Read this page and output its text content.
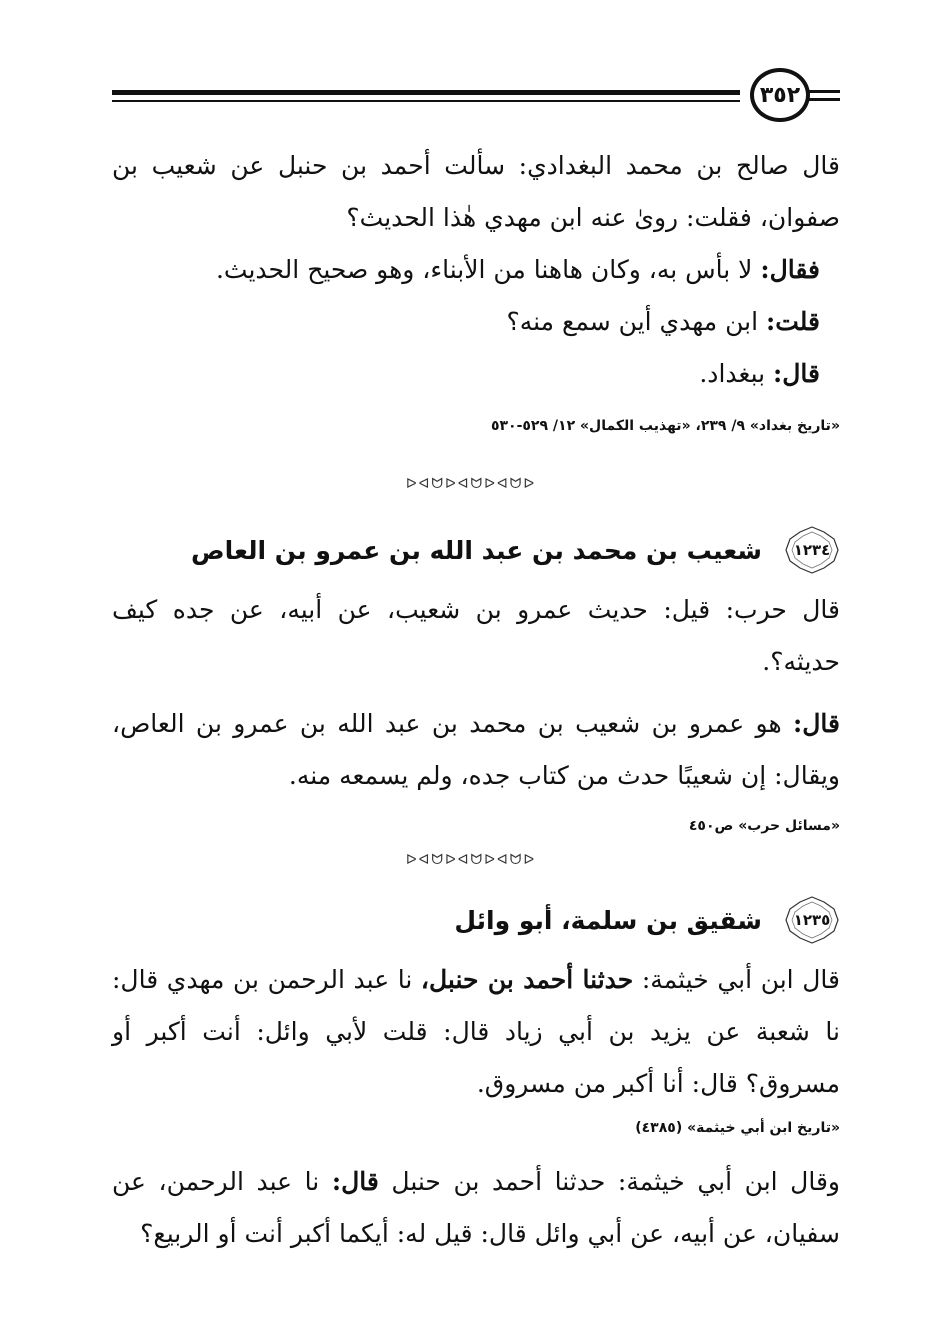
٣٥٢

قال صالح بن محمد البغدادي: سألت أحمد بن حنبل عن شعيب بن صفوان، فقلت: روىٰ عنه ابن مهدي هٰذا الحديث؟

فقال: لا بأس به، وكان هاهنا من الأبناء، وهو صحيح الحديث.

قلت: ابن مهدي أين سمع منه؟

قال: ببغداد.

«تاريخ بغداد» ٩/ ٢٣٩، «تهذيب الكمال» ١٢/ ٥٢٩-٥٣٠

ᐅᐊᗢᐅᐊᗢᐅᐊᗢᐅ

١٢٣٤
شعيب بن محمد بن عبد الله بن عمرو بن العاص

قال حرب: قيل: حديث عمرو بن شعيب، عن أبيه، عن جده كيف حديثه؟.

قال: هو عمرو بن شعيب بن محمد بن عبد الله بن عمرو بن العاص، ويقال: إن شعيبًا حدث من كتاب جده، ولم يسمعه منه.

«مسائل حرب» ص٤٥٠

ᐅᐊᗢᐅᐊᗢᐅᐊᗢᐅ

١٢٣٥
شقيق بن سلمة، أبو وائل

قال ابن أبي خيثمة: حدثنا أحمد بن حنبل، نا عبد الرحمن بن مهدي قال: نا شعبة عن يزيد بن أبي زياد قال: قلت لأبي وائل: أنت أكبر أو مسروق؟ قال: أنا أكبر من مسروق.

«تاريخ ابن أبي خيثمة» (٤٣٨٥)

وقال ابن أبي خيثمة: حدثنا أحمد بن حنبل قال: نا عبد الرحمن، عن سفيان، عن أبيه، عن أبي وائل قال: قيل له: أيكما أكبر أنت أو الربيع؟
